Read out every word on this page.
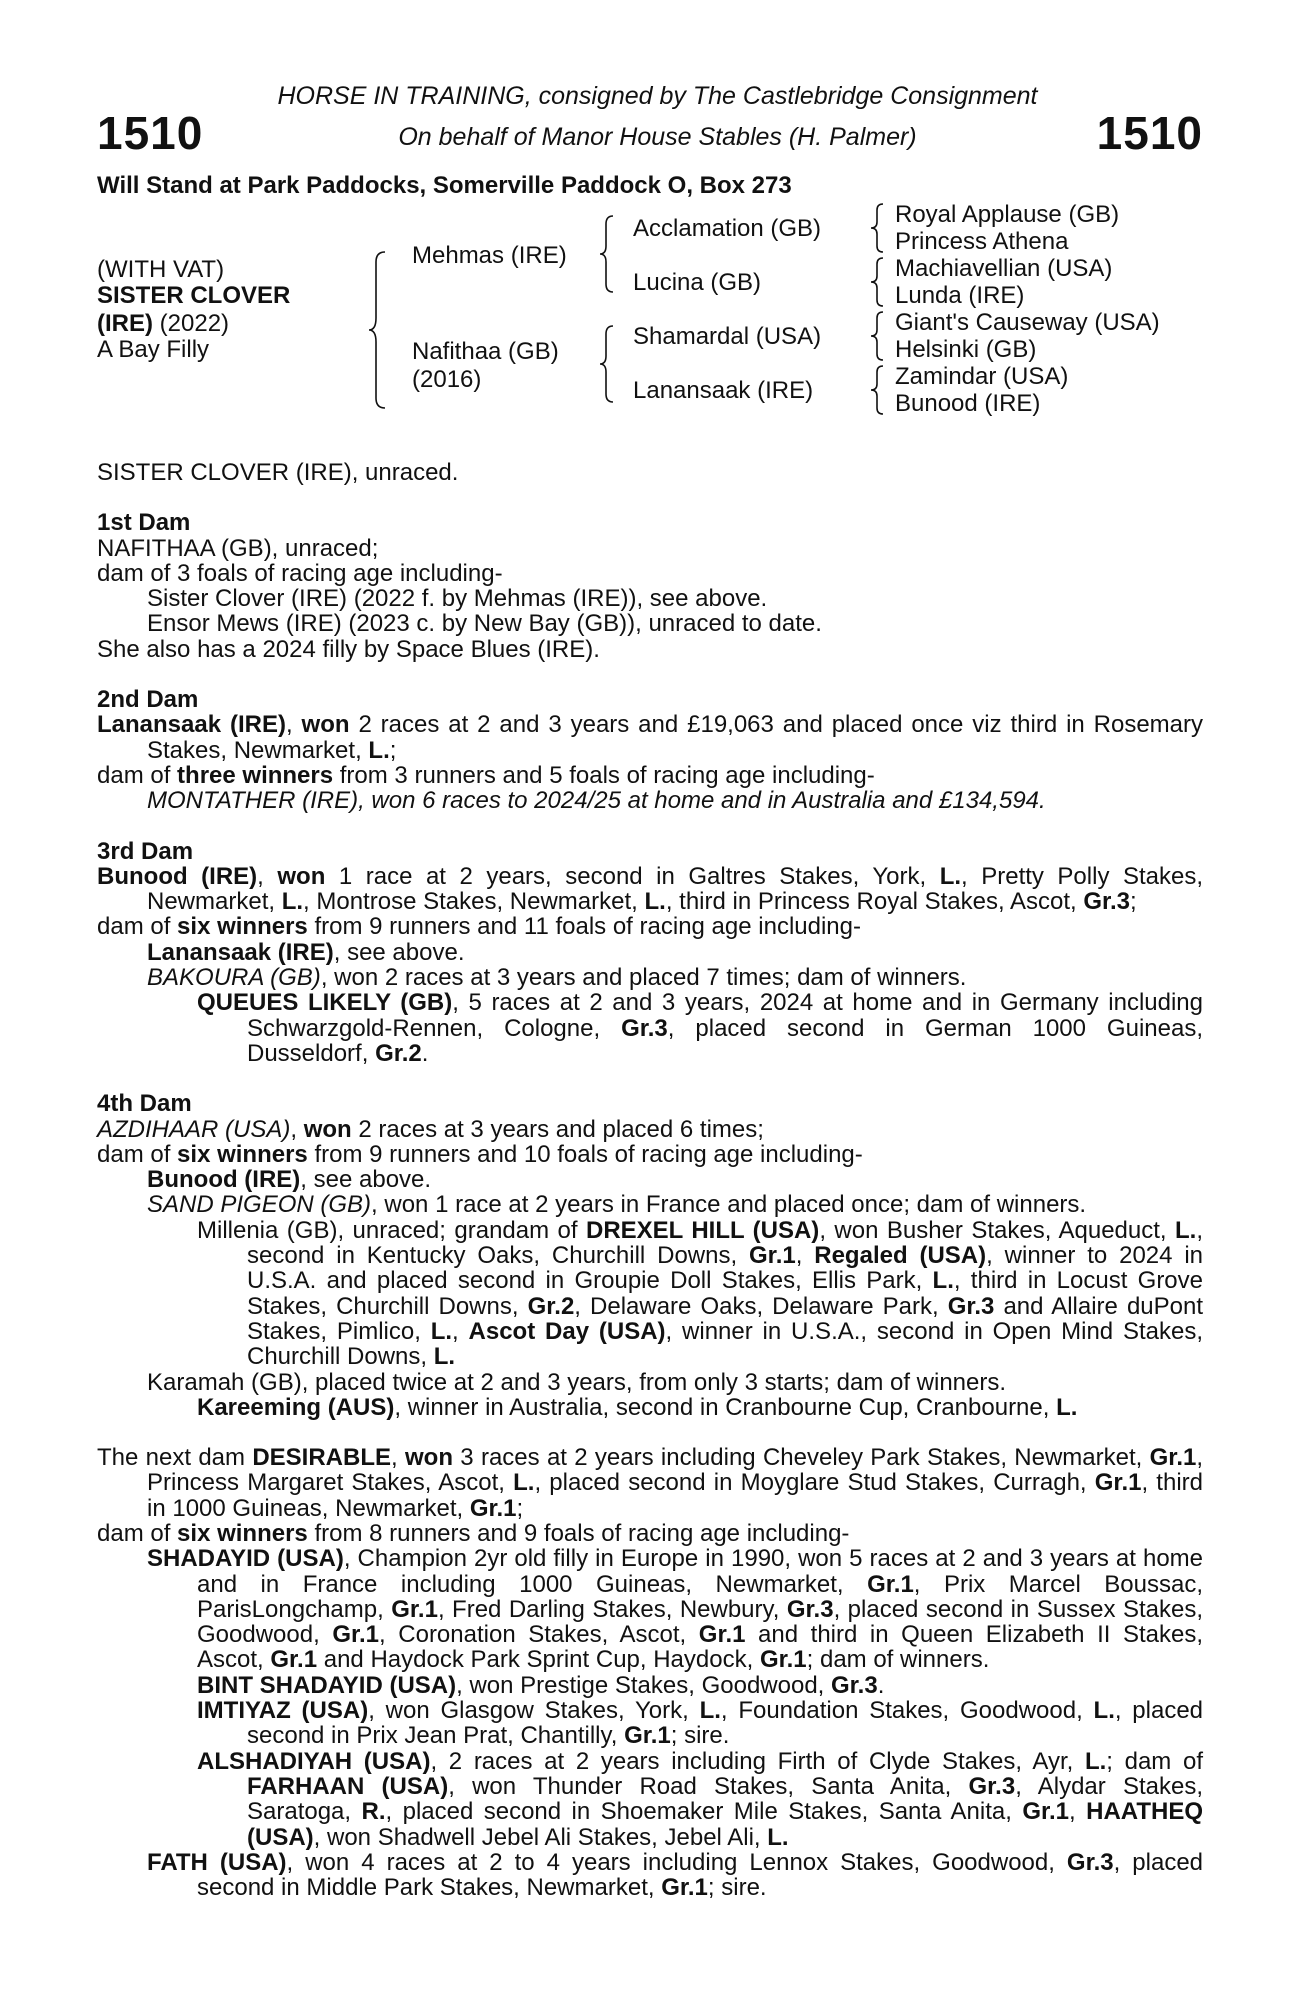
HORSE IN TRAINING, consigned by The Castlebridge Consignment
On behalf of Manor House Stables (H. Palmer)
1510	1510
Will Stand at Park Paddocks, Somerville Paddock O, Box 273
(WITH VAT)
SISTER CLOVER
(IRE) (2022)
A Bay Filly
Mehmas (IRE)
Nafithaa (GB)
(2016)
Acclamation (GB)
Lucina (GB)
Shamardal (USA)
Lanansaak (IRE)
Royal Applause (GB)
Princess Athena
Machiavellian (USA)
Lunda (IRE)
Giant's Causeway (USA)
Helsinki (GB)
Zamindar (USA)
Bunood (IRE)

SISTER CLOVER (IRE), unraced.

1st Dam

NAFITHAA (GB), unraced;

dam of 3 foals of racing age including-

Sister Clover (IRE) (2022 f. by Mehmas (IRE)), see above.

Ensor Mews (IRE) (2023 c. by New Bay (GB)), unraced to date.

She also has a 2024 filly by Space Blues (IRE).

2nd Dam

Lanansaak (IRE), won 2 races at 2 and 3 years and £19,063 and placed once viz third in Rosemary Stakes, Newmarket, L.;

dam of three winners from 3 runners and 5 foals of racing age including-

MONTATHER (IRE), won 6 races to 2024/25 at home and in Australia and £134,594.

3rd Dam

Bunood (IRE), won 1 race at 2 years, second in Galtres Stakes, York, L., Pretty Polly Stakes, Newmarket, L., Montrose Stakes, Newmarket, L., third in Princess Royal Stakes, Ascot, Gr.3;

dam of six winners from 9 runners and 11 foals of racing age including-

Lanansaak (IRE), see above.

BAKOURA (GB), won 2 races at 3 years and placed 7 times; dam of winners.

QUEUES LIKELY (GB), 5 races at 2 and 3 years, 2024 at home and in Germany including Schwarzgold-Rennen, Cologne, Gr.3, placed second in German 1000 Guineas, Dusseldorf, Gr.2.

4th Dam

AZDIHAAR (USA), won 2 races at 3 years and placed 6 times;

dam of six winners from 9 runners and 10 foals of racing age including-

Bunood (IRE), see above.

SAND PIGEON (GB), won 1 race at 2 years in France and placed once; dam of winners.

Millenia (GB), unraced; grandam of DREXEL HILL (USA), won Busher Stakes, Aqueduct, L., second in Kentucky Oaks, Churchill Downs, Gr.1, Regaled (USA), winner to 2024 in U.S.A. and placed second in Groupie Doll Stakes, Ellis Park, L., third in Locust Grove Stakes, Churchill Downs, Gr.2, Delaware Oaks, Delaware Park, Gr.3 and Allaire duPont Stakes, Pimlico, L., Ascot Day (USA), winner in U.S.A., second in Open Mind Stakes, Churchill Downs, L.

Karamah (GB), placed twice at 2 and 3 years, from only 3 starts; dam of winners.

Kareeming (AUS), winner in Australia, second in Cranbourne Cup, Cranbourne, L.

The next dam DESIRABLE, won 3 races at 2 years including Cheveley Park Stakes, Newmarket, Gr.1, Princess Margaret Stakes, Ascot, L., placed second in Moyglare Stud Stakes, Curragh, Gr.1, third in 1000 Guineas, Newmarket, Gr.1;

dam of six winners from 8 runners and 9 foals of racing age including-

SHADAYID (USA), Champion 2yr old filly in Europe in 1990, won 5 races at 2 and 3 years at home and in France including 1000 Guineas, Newmarket, Gr.1, Prix Marcel Boussac, ParisLongchamp, Gr.1, Fred Darling Stakes, Newbury, Gr.3, placed second in Sussex Stakes, Goodwood, Gr.1, Coronation Stakes, Ascot, Gr.1 and third in Queen Elizabeth II Stakes, Ascot, Gr.1 and Haydock Park Sprint Cup, Haydock, Gr.1; dam of winners.

BINT SHADAYID (USA), won Prestige Stakes, Goodwood, Gr.3.

IMTIYAZ (USA), won Glasgow Stakes, York, L., Foundation Stakes, Goodwood, L., placed second in Prix Jean Prat, Chantilly, Gr.1; sire.

ALSHADIYAH (USA), 2 races at 2 years including Firth of Clyde Stakes, Ayr, L.; dam of FARHAAN (USA), won Thunder Road Stakes, Santa Anita, Gr.3, Alydar Stakes, Saratoga, R., placed second in Shoemaker Mile Stakes, Santa Anita, Gr.1, HAATHEQ (USA), won Shadwell Jebel Ali Stakes, Jebel Ali, L.

FATH (USA), won 4 races at 2 to 4 years including Lennox Stakes, Goodwood, Gr.3, placed second in Middle Park Stakes, Newmarket, Gr.1; sire.
